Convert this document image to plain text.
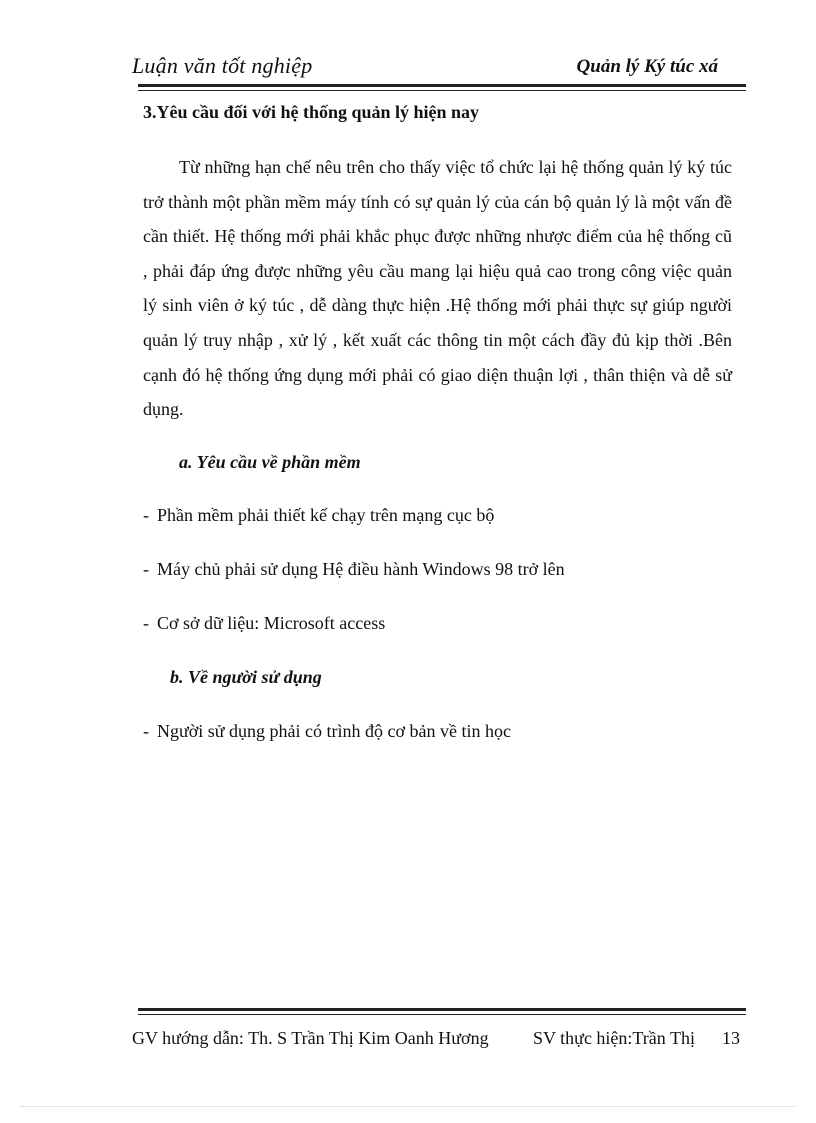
Luận văn tốt nghiệp	Quản lý Ký túc xá
3.Yêu cầu đối với hệ thống quản lý hiện nay

Từ những hạn chế nêu trên cho thấy việc tổ chức lại hệ thống quản lý ký túc trở thành một phần mềm máy tính có sự quản lý của cán bộ quản lý là một vấn đề cần thiết. Hệ thống mới phải khắc phục được những nhược điểm của hệ thống cũ , phải đáp ứng được những yêu cầu mang lại hiệu quả cao trong công việc quản lý sinh viên ở ký túc , dễ dàng thực hiện .Hệ thống mới phải thực sự giúp người quản lý truy nhập , xử lý , kết xuất các thông tin một cách đầy đủ kịp thời .Bên cạnh đó hệ thống ứng dụng mới phải có giao diện thuận lợi , thân thiện và dễ sử dụng.

a. Yêu cầu về phần mềm
- Phần mềm phải thiết kế chạy trên mạng cục bộ
- Máy chủ phải sử dụng Hệ điều hành Windows 98 trở lên
- Cơ sở dữ liệu: Microsoft access
b. Về người sử dụng
- Người sử dụng phải có trình độ cơ bản về tin học
GV hướng dẫn: Th. S Trần Thị Kim Oanh Hương	SV thực hiện:Trần Thị 13
